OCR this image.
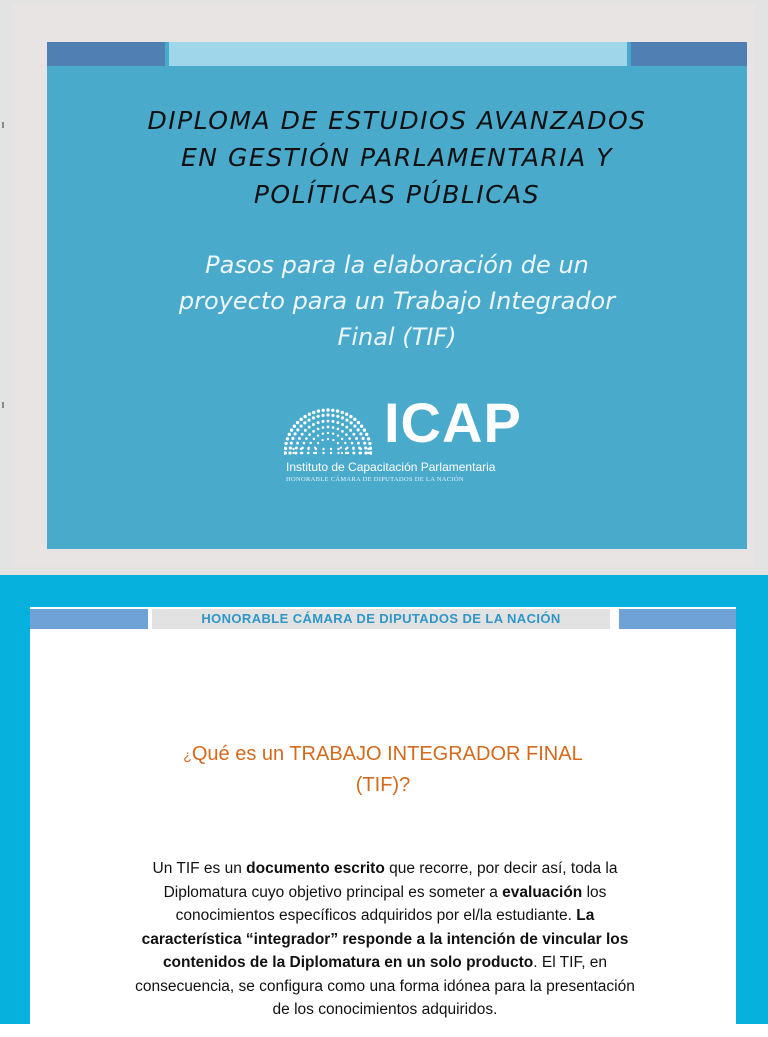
DIPLOMA DE ESTUDIOS AVANZADOS
EN GESTIÓN PARLAMENTARIA Y
POLÍTICAS PÚBLICAS
Pasos para la elaboración de un
proyecto para un Trabajo Integrador
Final (TIF)
ICAP
Instituto de Capacitación Parlamentaria
HONORABLE CÁMARA DE DIPUTADOS DE LA NACIÓN
HONORABLE CÁMARA DE DIPUTADOS DE LA NACIÓN
¿Qué es un TRABAJO INTEGRADOR FINAL
(TIF)?
Un TIF es un documento escrito que recorre, por decir así, toda la Diplomatura cuyo objetivo principal es someter a evaluación los conocimientos específicos adquiridos por el/la estudiante. La característica “integrador” responde a la intención de vincular los contenidos de la Diplomatura en un solo producto. El TIF, en consecuencia, se configura como una forma idónea para la presentación de los conocimientos adquiridos.
